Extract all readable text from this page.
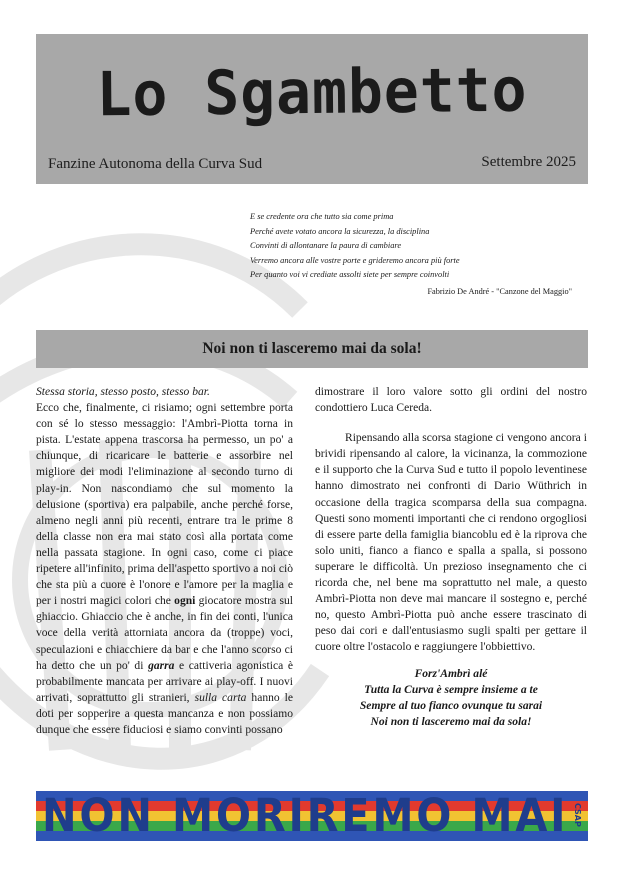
Lo Sgambetto
Fanzine Autonoma della Curva Sud	Settembre 2025
E se credente ora che tutto sia come prima
Perché avete votato ancora la sicurezza, la disciplina
Convinti di allontanare la paura di cambiare
Verremo ancora alle vostre porte e grideremo ancora più forte
Per quanto voi vi crediate assolti siete per sempre coinvolti
Fabrizio De André - "Canzone del Maggio"
Noi non ti lasceremo mai da sola!

Stessa storia, stesso posto, stesso bar.

Ecco che, finalmente, ci risiamo; ogni settembre porta con sé lo stesso messaggio: l'Ambrì-Piotta torna in pista. L'estate appena trascorsa ha permesso, un po' a chiunque, di ricaricare le batterie e assorbire nel migliore dei modi l'eliminazione al secondo turno di play-in. Non nascondiamo che sul momento la delusione (sportiva) era palpabile, anche perché forse, almeno negli anni più recenti, entrare tra le prime 8 della classe non era mai stato così alla portata come nella passata stagione. In ogni caso, come ci piace ripetere all'infinito, prima dell'aspetto sportivo a noi ciò che sta più a cuore è l'onore e l'amore per la maglia e per i nostri magici colori che ogni giocatore mostra sul ghiaccio. Ghiaccio che è anche, in fin dei conti, l'unica voce della verità attorniata ancora da (troppe) voci, speculazioni e chiacchiere da bar e che l'anno scorso ci ha detto che un po' di garra e cattiveria agonistica è probabilmente mancata per arrivare ai play-off. I nuovi arrivati, soprattutto gli stranieri, sulla carta hanno le doti per sopperire a questa mancanza e non possiamo dunque che essere fiduciosi e siamo convinti possano

dimostrare il loro valore sotto gli ordini del nostro condottiero Luca Cereda.

Ripensando alla scorsa stagione ci vengono ancora i brividi ripensando al calore, la vicinanza, la commozione e il supporto che la Curva Sud e tutto il popolo leventinese hanno dimostrato nei confronti di Dario Wüthrich in occasione della tragica scomparsa della sua compagna. Questi sono momenti importanti che ci rendono orgogliosi di essere parte della famiglia biancoblu ed è la riprova che solo uniti, fianco a fianco e spalla a spalla, si possono superare le difficoltà. Un prezioso insegnamento che ci ricorda che, nel bene ma soprattutto nel male, a questo Ambrì-Piotta non deve mai mancare il sostegno e, perché no, questo Ambrì-Piotta può anche essere trascinato di peso dai cori e dall'entusiasmo sugli spalti per gettare il cuore oltre l'ostacolo e raggiungere l'obbiettivo.

Forz'Ambrì alé
Tutta la Curva è sempre insieme a te
Sempre al tuo fianco ovunque tu sarai
Noi non ti lasceremo mai da sola!
NON MORIREMO MAI CSAP
